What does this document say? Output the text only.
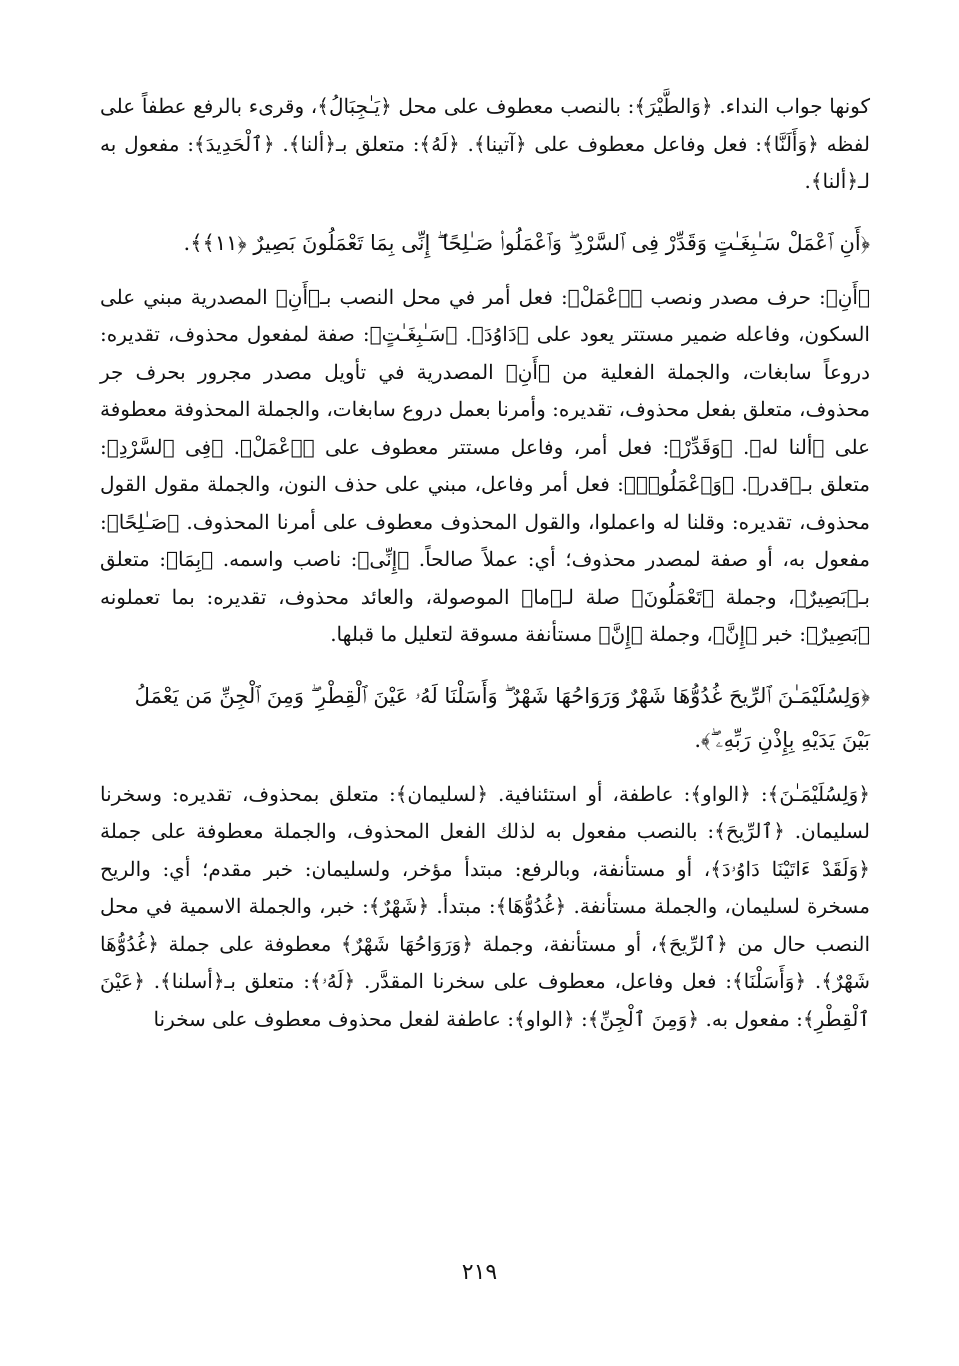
كونها جواب النداء. ﴿وَالطَّيْرَ﴾: بالنصب معطوف على محل ﴿يَـٰجِبَالُ﴾، وقرىء بالرفع عطفاً على لفظه ﴿وَأَلَنَّا﴾: فعل وفاعل معطوف على ﴿آتينا﴾. ﴿لَهُ﴾: متعلق بـ﴿ألنا﴾. ﴿ٱلْحَدِيدَ﴾: مفعول به لـ﴿ألنا﴾.

﴿أَنِ ٱعْمَلْ سَـٰبِغَـٰتٍ وَقَدِّرْ فِى ٱلسَّرْدِ ۖ وَٱعْمَلُوا۟ صَـٰلِحًا ۖ إِنِّى بِمَا تَعْمَلُونَ بَصِيرٌ ﴿١١﴾﴾.

﴿أَنِ﴾: حرف مصدر ونصب ﴿ٱعْمَلْ﴾: فعل أمر في محل النصب بـ﴿أَنِ﴾ المصدرية مبني على السكون، وفاعله ضمير مستتر يعود على ﴿دَاوُدَ﴾. ﴿سَـٰبِغَـٰتٍ﴾: صفة لمفعول محذوف، تقديره: دروعاً سابغات، والجملة الفعلية من ﴿أَنِ﴾ المصدرية في تأويل مصدر مجرور بحرف جر محذوف، متعلق بفعل محذوف، تقديره: وأمرنا بعمل دروع سابغات، والجملة المحذوفة معطوفة على ﴿ألنا له﴾. ﴿وَقَدِّرْ﴾: فعل أمر، وفاعل مستتر معطوف على ﴿ٱعْمَلْ﴾. ﴿فِى ٱلسَّرْدِ﴾: متعلق بـ﴿قدر﴾. ﴿وَٱعْمَلُوا۟﴾: فعل أمر وفاعل، مبني على حذف النون، والجملة مقول القول محذوف، تقديره: وقلنا له واعملوا، والقول المحذوف معطوف على أمرنا المحذوف. ﴿صَـٰلِحًا﴾: مفعول به، أو صفة لمصدر محذوف؛ أي: عملاً صالحاً. ﴿إِنِّى﴾: ناصب واسمه. ﴿بِمَا﴾: متعلق بـ﴿بَصِيرٌ﴾، وجملة ﴿تَعْمَلُونَ﴾ صلة لـ﴿ما﴾ الموصولة، والعائد محذوف، تقديره: بما تعملونه ﴿بَصِيرٌ﴾: خبر ﴿إِنَّ﴾، وجملة ﴿إِنَّ﴾ مستأنفة مسوقة لتعليل ما قبلها.

﴿وَلِسُلَيْمَـٰنَ ٱلرِّيحَ غُدُوُّهَا شَهْرٌ وَرَوَاحُهَا شَهْرٌ ۖ وَأَسَلْنَا لَهُۥ عَيْنَ ٱلْقِطْرِ ۖ وَمِنَ ٱلْجِنِّ مَن يَعْمَلُ بَيْنَ يَدَيْهِ بِإِذْنِ رَبِّهِۦ ۖ﴾.

﴿وَلِسُلَيْمَـٰنَ﴾: ﴿الواو﴾: عاطفة، أو استئنافية. ﴿لسليمان﴾: متعلق بمحذوف، تقديره: وسخرنا لسليمان. ﴿ٱلرِّيحَ﴾: بالنصب مفعول به لذلك الفعل المحذوف، والجملة معطوفة على جملة ﴿وَلَقَدْ ءَاتَيْنَا دَاوُۥدَ﴾، أو مستأنفة، وبالرفع: مبتدأ مؤخر، ولسليمان: خبر مقدم؛ أي: والريح مسخرة لسليمان، والجملة مستأنفة. ﴿غُدُوُّهَا﴾: مبتدأ. ﴿شَهْرٌ﴾: خبر، والجملة الاسمية في محل النصب حال من ﴿ٱلرِّيحَ﴾، أو مستأنفة، وجملة ﴿وَرَوَاحُهَا شَهْرٌ﴾ معطوفة على جملة ﴿غُدُوُّهَا شَهْرٌ﴾. ﴿وَأَسَلْنَا﴾: فعل وفاعل، معطوف على سخرنا المقدَّر. ﴿لَهُۥ﴾: متعلق بـ﴿أسلنا﴾. ﴿عَيْنَ ٱلْقِطْرِ﴾: مفعول به. ﴿وَمِنَ ٱلْجِنِّ﴾: ﴿الواو﴾: عاطفة لفعل محذوف معطوف على سخرنا

٢١٩
